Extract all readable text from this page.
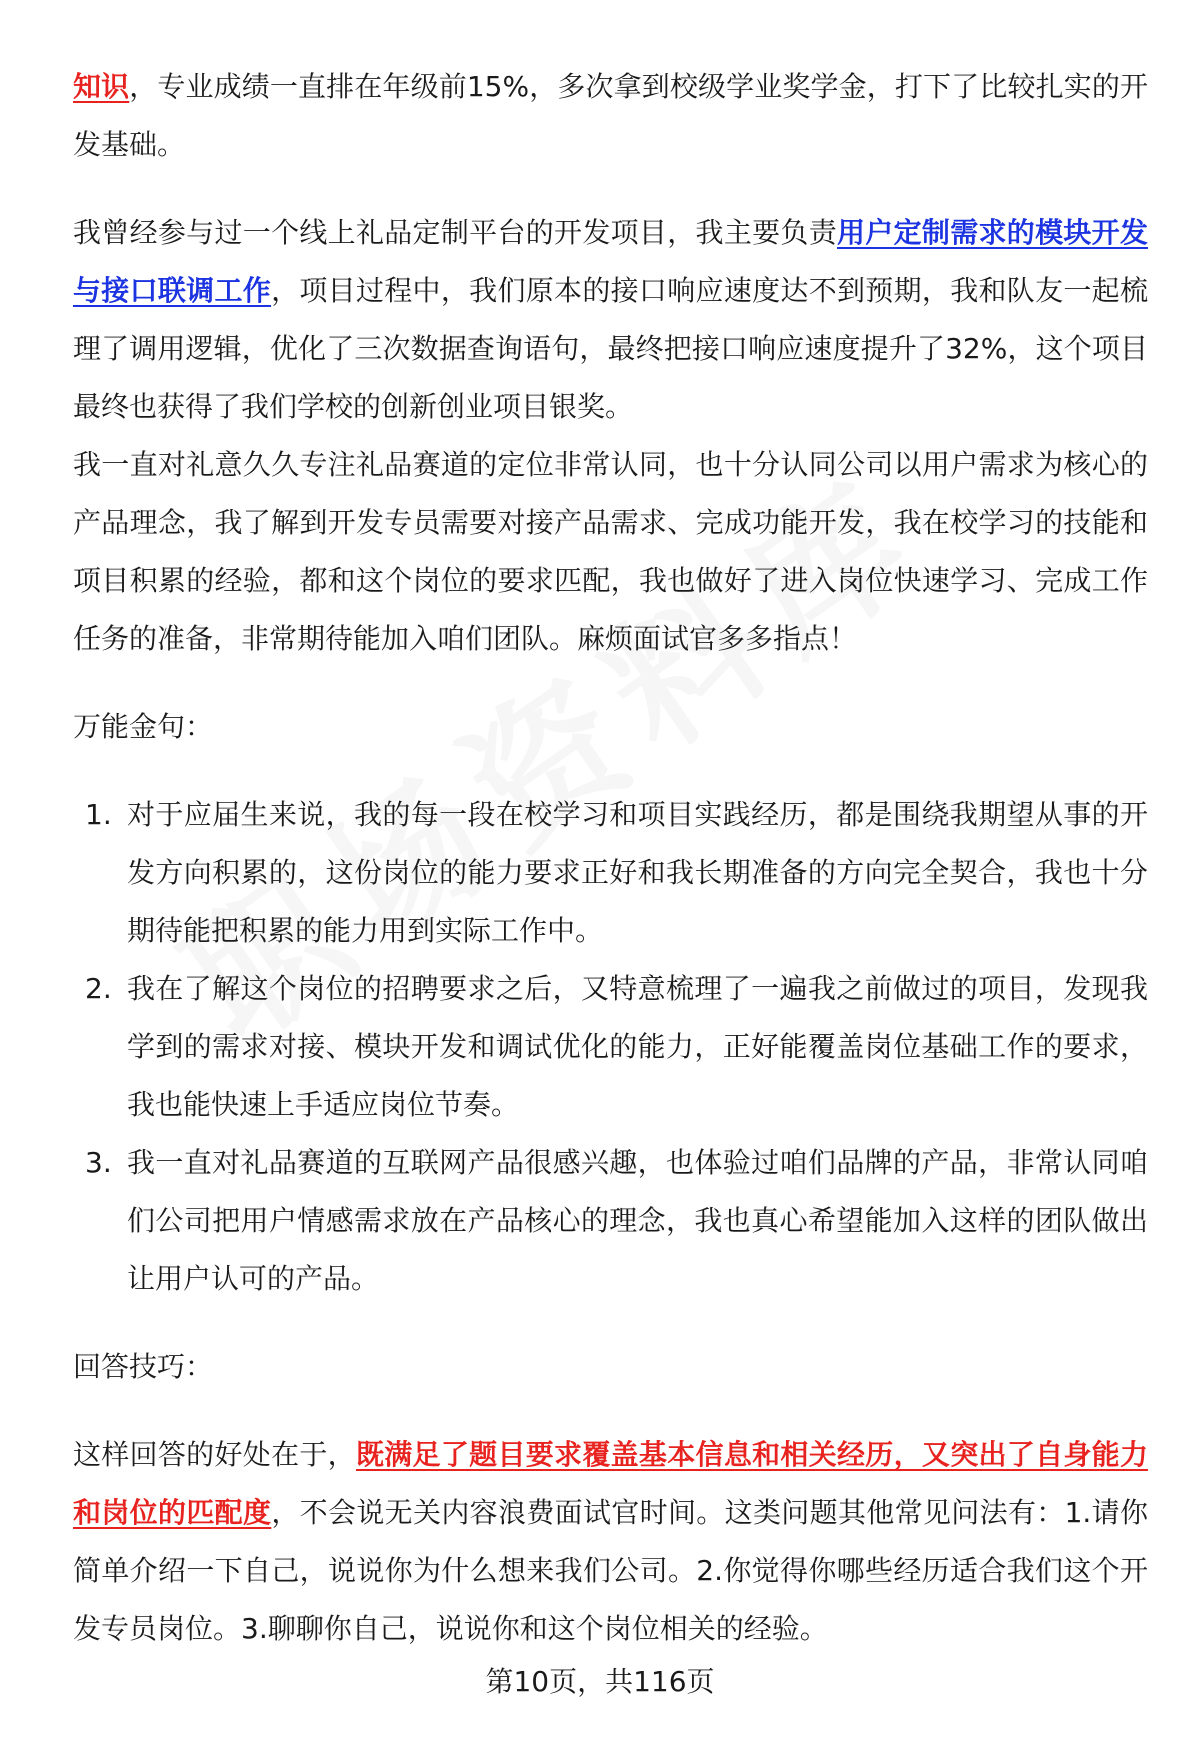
知识，专业成绩一直排在年级前15%，多次拿到校级学业奖学金，打下了比较扎实的开发基础。

我曾经参与过一个线上礼品定制平台的开发项目，我主要负责用户定制需求的模块开发与接口联调工作，项目过程中，我们原本的接口响应速度达不到预期，我和队友一起梳理了调用逻辑，优化了三次数据查询语句，最终把接口响应速度提升了32%，这个项目最终也获得了我们学校的创新创业项目银奖。

我一直对礼意久久专注礼品赛道的定位非常认同，也十分认同公司以用户需求为核心的产品理念，我了解到开发专员需要对接产品需求、完成功能开发，我在校学习的技能和项目积累的经验，都和这个岗位的要求匹配，我也做好了进入岗位快速学习、完成工作任务的准备，非常期待能加入咱们团队。麻烦面试官多多指点！

万能金句：

1. 对于应届生来说，我的每一段在校学习和项目实践经历，都是围绕我期望从事的开发方向积累的，这份岗位的能力要求正好和我长期准备的方向完全契合，我也十分期待能把积累的能力用到实际工作中。
2. 我在了解这个岗位的招聘要求之后，又特意梳理了一遍我之前做过的项目，发现我学到的需求对接、模块开发和调试优化的能力，正好能覆盖岗位基础工作的要求，我也能快速上手适应岗位节奏。
3. 我一直对礼品赛道的互联网产品很感兴趣，也体验过咱们品牌的产品，非常认同咱们公司把用户情感需求放在产品核心的理念，我也真心希望能加入这样的团队做出让用户认可的产品。

回答技巧：

这样回答的好处在于，既满足了题目要求覆盖基本信息和相关经历，又突出了自身能力和岗位的匹配度，不会说无关内容浪费面试官时间。这类问题其他常见问法有：1.请你简单介绍一下自己，说说你为什么想来我们公司。2.你觉得你哪些经历适合我们这个开发专员岗位。3.聊聊你自己，说说你和这个岗位相关的经验。

第10页，共116页
